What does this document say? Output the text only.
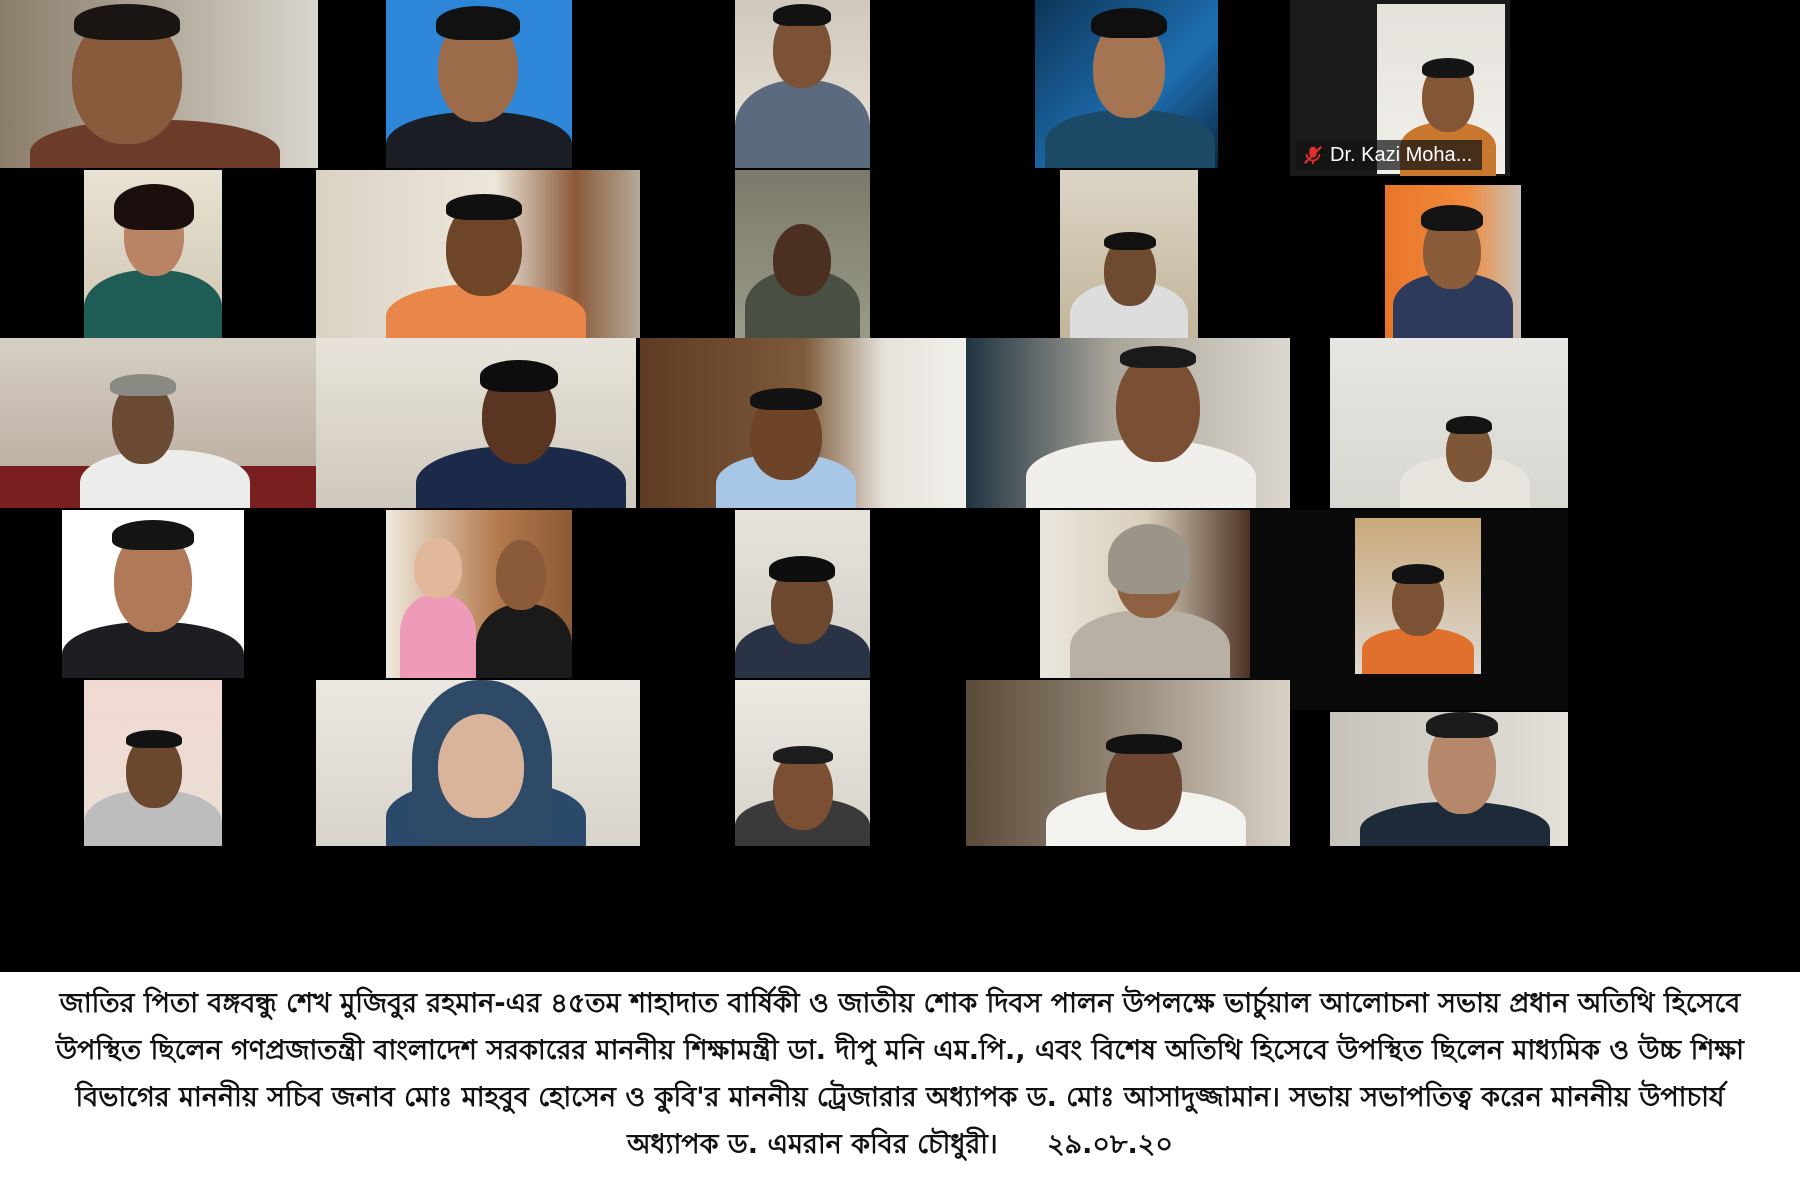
Dr. Kazi Moha...
জাতির পিতা বঙ্গবন্ধু শেখ মুজিবুর রহমান-এর ৪৫তম শাহাদাত বার্ষিকী ও জাতীয় শোক দিবস পালন উপলক্ষে ভার্চুয়াল আলোচনা সভায় প্রধান অতিথি হিসেবে উপস্থিত ছিলেন গণপ্রজাতন্ত্রী বাংলাদেশ সরকারের মাননীয় শিক্ষামন্ত্রী ডা. দীপু মনি এম.পি., এবং বিশেষ অতিথি হিসেবে উপস্থিত ছিলেন মাধ্যমিক ও উচ্চ শিক্ষা বিভাগের মাননীয় সচিব জনাব মোঃ মাহবুব হোসেন ও কুবি'র মাননীয় ট্রেজারার অধ্যাপক ড. মোঃ আসাদুজ্জামান। সভায় সভাপতিত্ব করেন মাননীয় উপাচার্য অধ্যাপক ড. এমরান কবির চৌধুরী। ২৯.০৮.২০
